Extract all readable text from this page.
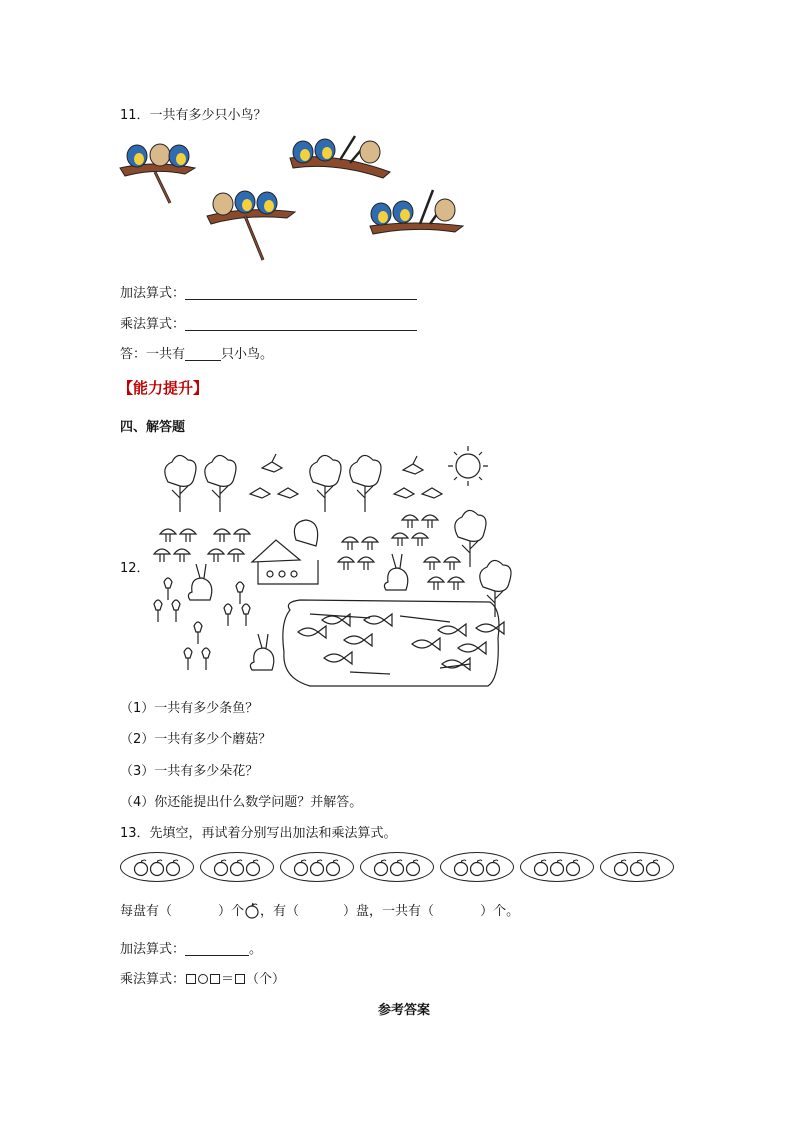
11．一共有多少只小鸟？
加法算式：
乘法算式：
答：一共有	只小鸟。
【能力提升】
四、解答题
12．
（1）一共有多少条鱼？
（2）一共有多少个蘑菇？
（3）一共有多少朵花？
（4）你还能提出什么数学问题？并解答。
13．先填空，再试着分别写出加法和乘法算式。
每盘有（	）个 ，有（	）盘，一共有（	）个。
加法算式：	。
乘法算式：	＝ （个）
参考答案
